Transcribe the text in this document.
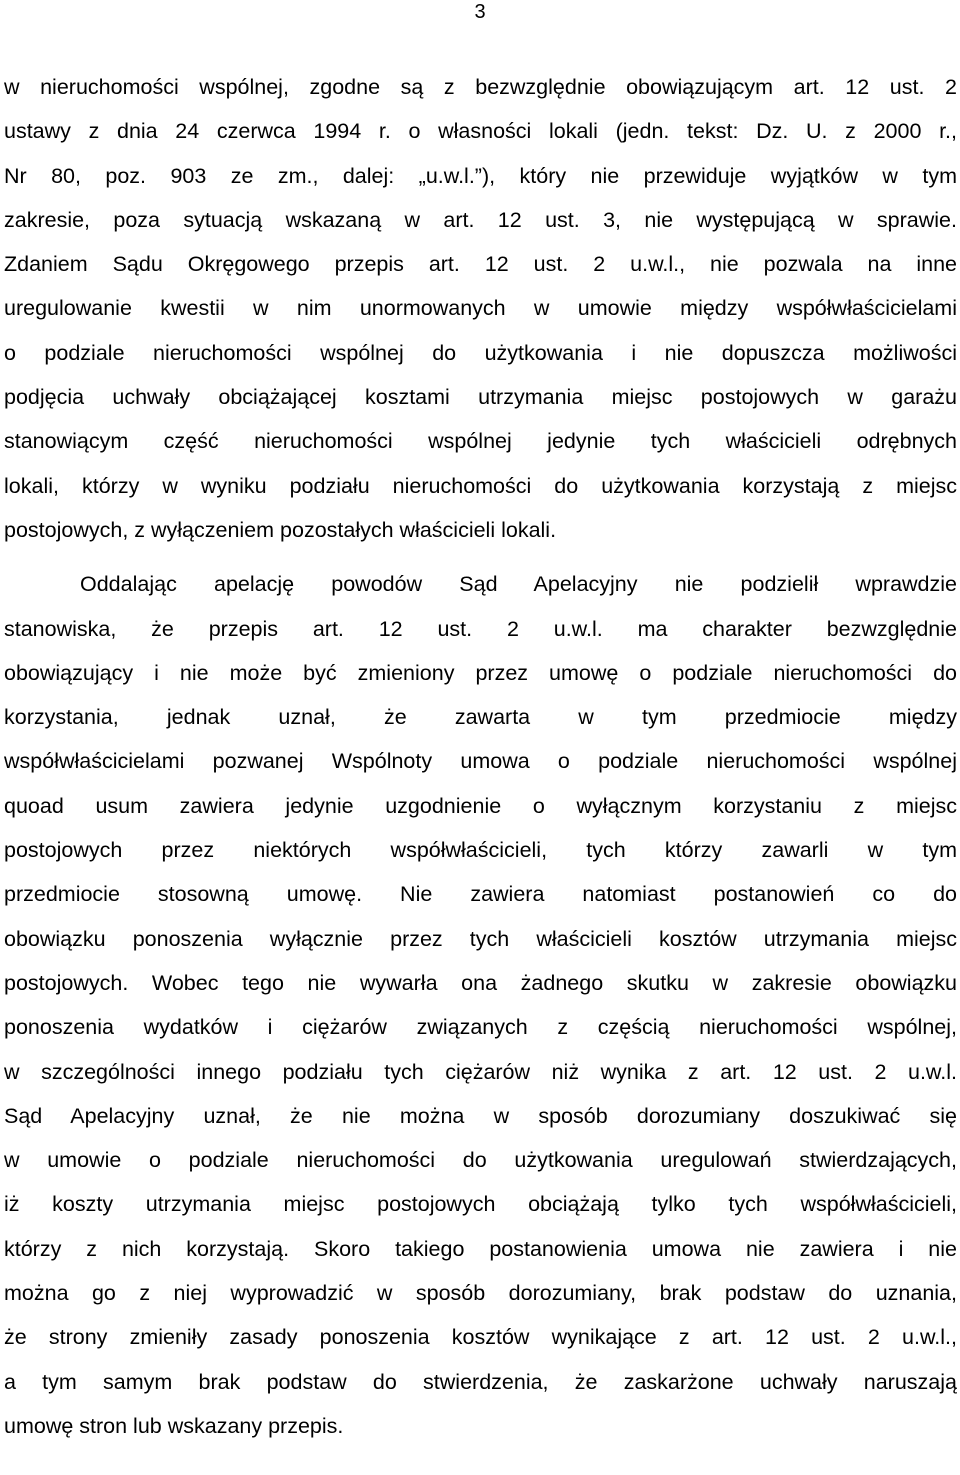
3
w nieruchomości wspólnej, zgodne są z bezwzględnie obowiązującym art. 12 ust. 2
ustawy z dnia 24 czerwca 1994 r. o własności lokali (jedn. tekst: Dz. U. z 2000 r.,
Nr 80, poz. 903 ze zm., dalej: „u.w.l.”), który nie przewiduje wyjątków w tym
zakresie, poza sytuacją wskazaną w art. 12 ust. 3, nie występującą w sprawie.
Zdaniem Sądu Okręgowego przepis art. 12 ust. 2 u.w.l., nie pozwala na inne
uregulowanie kwestii w nim unormowanych w umowie między współwłaścicielami
o podziale nieruchomości wspólnej do użytkowania i nie dopuszcza możliwości
podjęcia uchwały obciążającej kosztami utrzymania miejsc postojowych w garażu
stanowiącym część nieruchomości wspólnej jedynie tych właścicieli odrębnych
lokali, którzy w wyniku podziału nieruchomości do użytkowania korzystają z miejsc
postojowych, z wyłączeniem pozostałych właścicieli lokali.
Oddalając apelację powodów Sąd Apelacyjny nie podzielił wprawdzie
stanowiska, że przepis art. 12 ust. 2 u.w.l. ma charakter bezwzględnie
obowiązujący i nie może być zmieniony przez umowę o podziale nieruchomości do
korzystania, jednak uznał, że zawarta w tym przedmiocie między
współwłaścicielami pozwanej Wspólnoty umowa o podziale nieruchomości wspólnej
quoad usum zawiera jedynie uzgodnienie o wyłącznym korzystaniu z miejsc
postojowych przez niektórych współwłaścicieli, tych którzy zawarli w tym
przedmiocie stosowną umowę. Nie zawiera natomiast postanowień co do
obowiązku ponoszenia wyłącznie przez tych właścicieli kosztów utrzymania miejsc
postojowych. Wobec tego nie wywarła ona żadnego skutku w zakresie obowiązku
ponoszenia wydatków i ciężarów związanych z częścią nieruchomości wspólnej,
w szczególności innego podziału tych ciężarów niż wynika z art. 12 ust. 2 u.w.l.
Sąd Apelacyjny uznał, że nie można w sposób dorozumiany doszukiwać się
w umowie o podziale nieruchomości do użytkowania uregulowań stwierdzających,
iż koszty utrzymania miejsc postojowych obciążają tylko tych współwłaścicieli,
którzy z nich korzystają. Skoro takiego postanowienia umowa nie zawiera i nie
można go z niej wyprowadzić w sposób dorozumiany, brak podstaw do uznania,
że strony zmieniły zasady ponoszenia kosztów wynikające z art. 12 ust. 2 u.w.l.,
a tym samym brak podstaw do stwierdzenia, że zaskarżone uchwały naruszają
umowę stron lub wskazany przepis.
